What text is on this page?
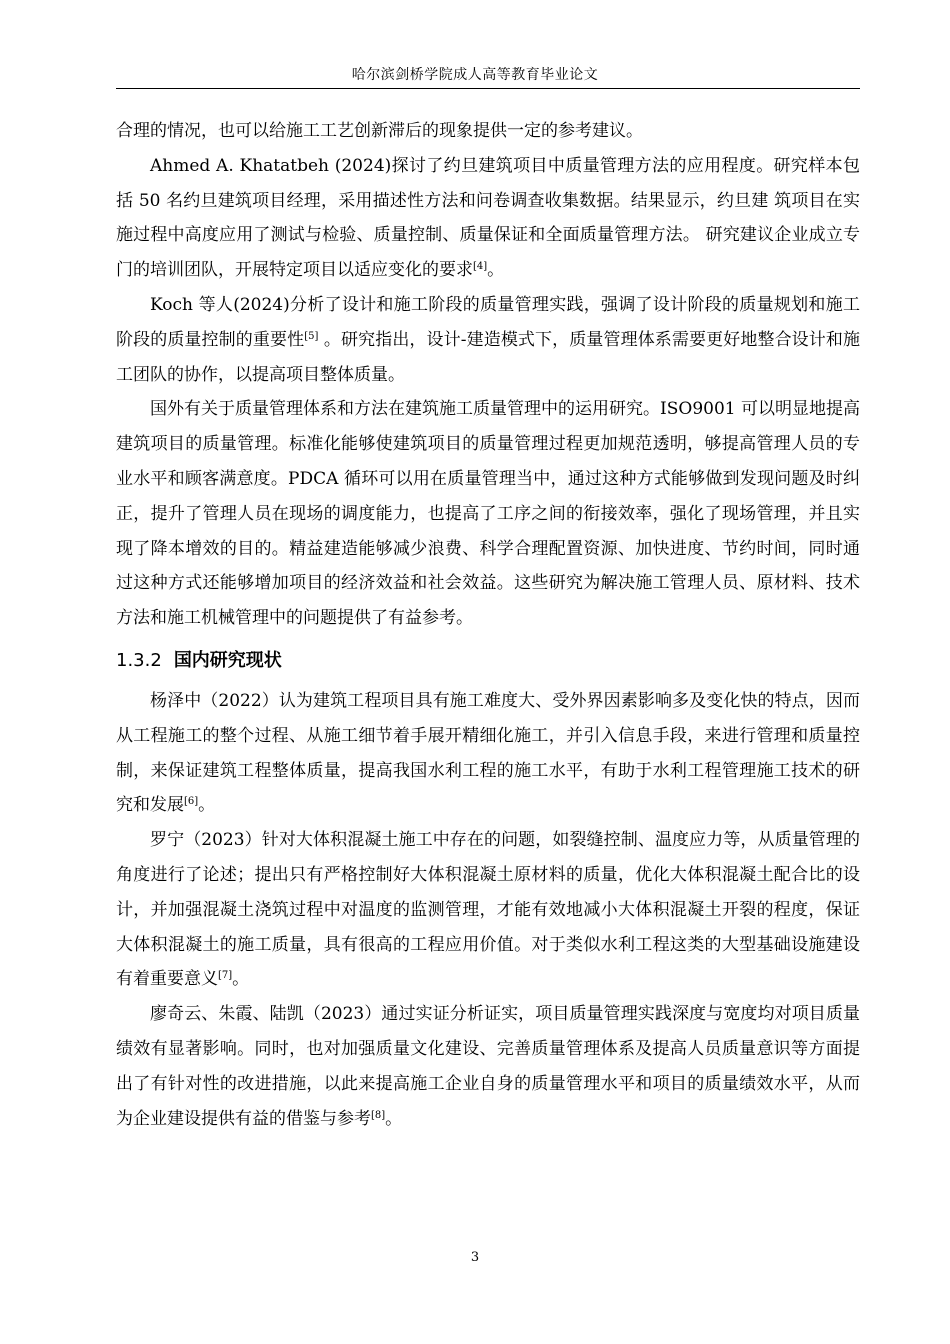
哈尔滨剑桥学院成人高等教育毕业论文

合理的情况，也可以给施工工艺创新滞后的现象提供一定的参考建议。

Ahmed A. Khatatbeh (2024)探讨了约旦建筑项目中质量管理方法的应用程度。研究样本包括 50 名约旦建筑项目经理，采用描述性方法和问卷调查收集数据。结果显示，约旦建 筑项目在实施过程中高度应用了测试与检验、质量控制、质量保证和全面质量管理方法。 研究建议企业成立专门的培训团队，开展特定项目以适应变化的要求[4]。

Koch 等人(2024)分析了设计和施工阶段的质量管理实践，强调了设计阶段的质量规划和施工阶段的质量控制的重要性[5] 。研究指出，设计-建造模式下，质量管理体系需要更好地整合设计和施工团队的协作，以提高项目整体质量。

国外有关于质量管理体系和方法在建筑施工质量管理中的运用研究。ISO9001 可以明显地提高建筑项目的质量管理。标准化能够使建筑项目的质量管理过程更加规范透明，够提高管理人员的专业水平和顾客满意度。PDCA 循环可以用在质量管理当中，通过这种方式能够做到发现问题及时纠正，提升了管理人员在现场的调度能力，也提高了工序之间的衔接效率，强化了现场管理，并且实现了降本增效的目的。精益建造能够减少浪费、科学合理配置资源、加快进度、节约时间，同时通过这种方式还能够增加项目的经济效益和社会效益。这些研究为解决施工管理人员、原材料、技术方法和施工机械管理中的问题提供了有益参考。

1.3.2 国内研究现状

杨泽中（2022）认为建筑工程项目具有施工难度大、受外界因素影响多及变化快的特点，因而从工程施工的整个过程、从施工细节着手展开精细化施工，并引入信息手段，来进行管理和质量控制，来保证建筑工程整体质量，提高我国水利工程的施工水平，有助于水利工程管理施工技术的研究和发展[6]。

罗宁（2023）针对大体积混凝土施工中存在的问题，如裂缝控制、温度应力等，从质量管理的角度进行了论述；提出只有严格控制好大体积混凝土原材料的质量，优化大体积混凝土配合比的设计，并加强混凝土浇筑过程中对温度的监测管理，才能有效地减小大体积混凝土开裂的程度，保证大体积混凝土的施工质量，具有很高的工程应用价值。对于类似水利工程这类的大型基础设施建设有着重要意义[7]。

廖奇云、朱霞、陆凯（2023）通过实证分析证实，项目质量管理实践深度与宽度均对项目质量绩效有显著影响。同时，也对加强质量文化建设、完善质量管理体系及提高人员质量意识等方面提出了有针对性的改进措施，以此来提高施工企业自身的质量管理水平和项目的质量绩效水平，从而为企业建设提供有益的借鉴与参考[8]。

3
